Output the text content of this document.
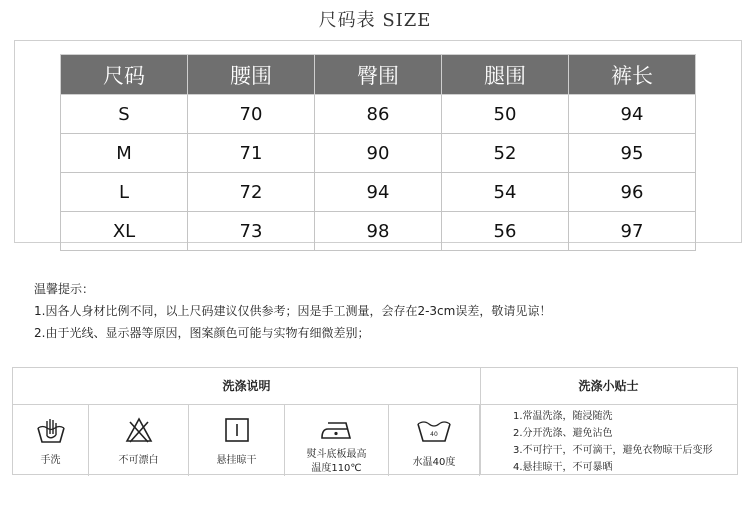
尺码表 SIZE
尺码	腰围	臀围	腿围	裤长
S	70	86	50	94
M	71	90	52	95
L	72	94	54	96
XL	73	98	56	97
温馨提示：
1.因各人身材比例不同，以上尺码建议仅供参考；因是手工测量，会存在2-3cm误差，敬请见谅！
2.由于光线、显示器等原因，图案颜色可能与实物有细微差别；
洗涤说明	洗涤小贴士
手洗	不可漂白	悬挂晾干
熨斗底板最高
温度110℃
40
水温40度
1.常温洗涤，随浸随洗
2.分开洗涤、避免沾色
3.不可拧干，不可滴干，避免衣物晾干后变形
4.悬挂晾干，不可暴晒
